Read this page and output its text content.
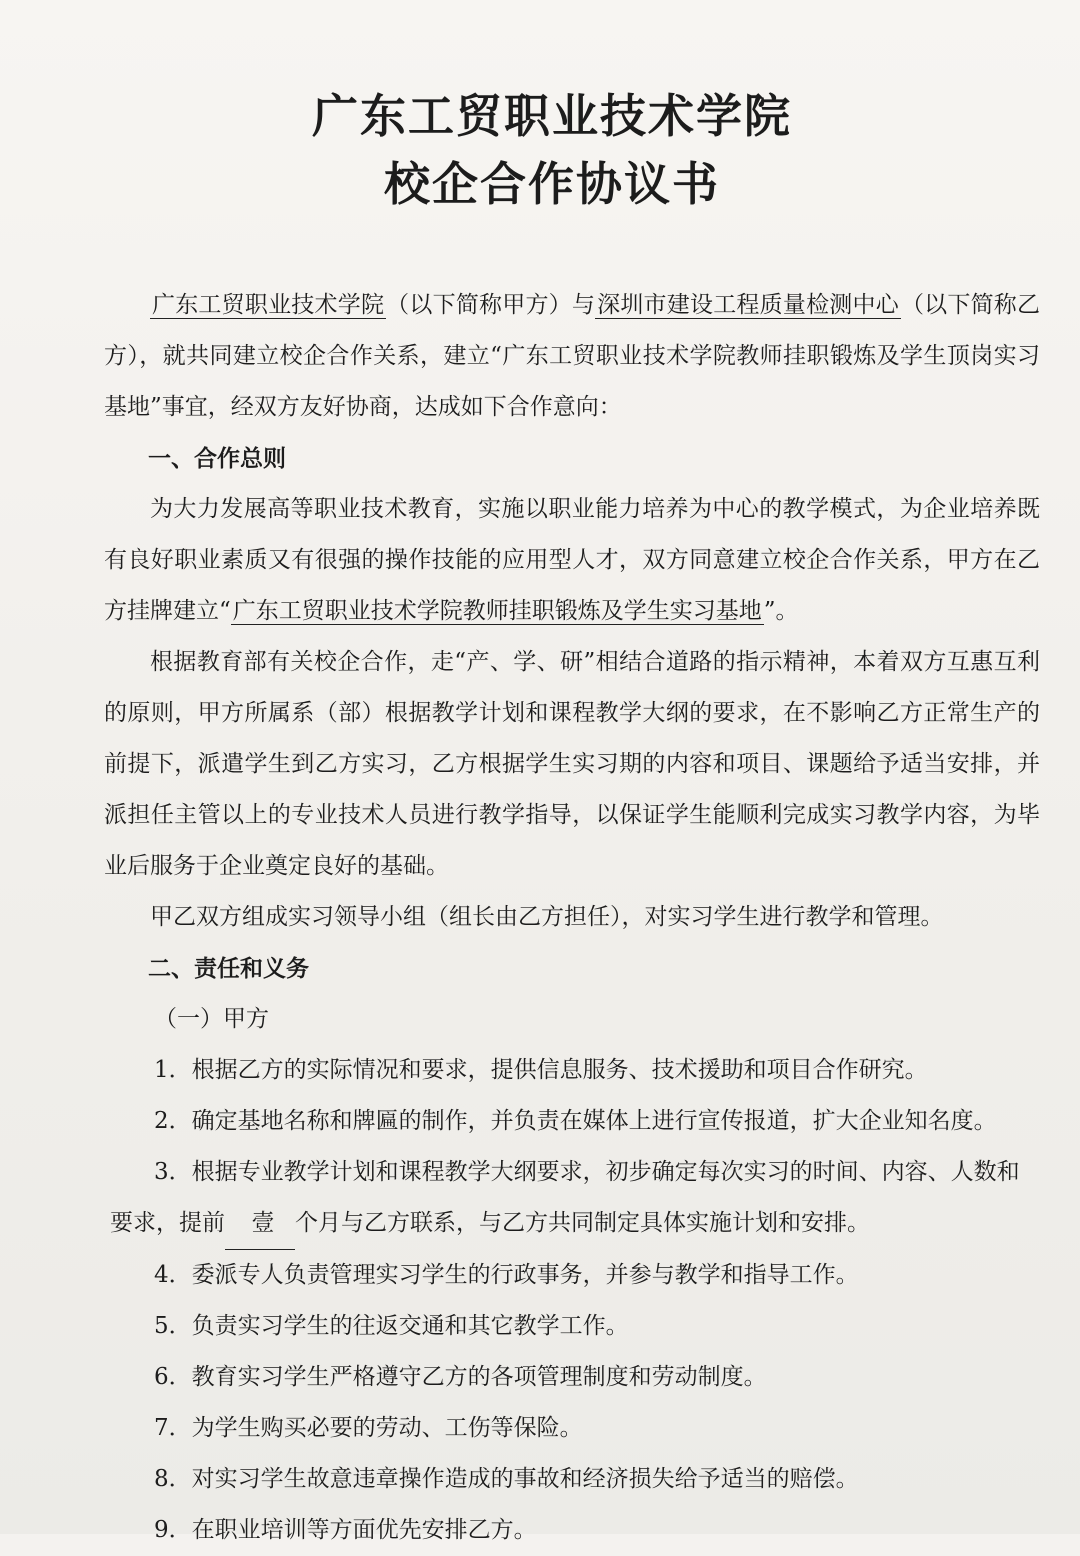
广东工贸职业技术学院
校企合作协议书

广东工贸职业技术学院（以下简称甲方）与深圳市建设工程质量检测中心（以下简称乙方），就共同建立校企合作关系，建立“广东工贸职业技术学院教师挂职锻炼及学生顶岗实习基地”事宜，经双方友好协商，达成如下合作意向：

一、合作总则

为大力发展高等职业技术教育，实施以职业能力培养为中心的教学模式，为企业培养既有良好职业素质又有很强的操作技能的应用型人才，双方同意建立校企合作关系，甲方在乙方挂牌建立“广东工贸职业技术学院教师挂职锻炼及学生实习基地”。

根据教育部有关校企合作，走“产、学、研”相结合道路的指示精神，本着双方互惠互利的原则，甲方所属系（部）根据教学计划和课程教学大纲的要求，在不影响乙方正常生产的前提下，派遣学生到乙方实习，乙方根据学生实习期的内容和项目、课题给予适当安排，并派担任主管以上的专业技术人员进行教学指导，以保证学生能顺利完成实习教学内容，为毕业后服务于企业奠定良好的基础。

甲乙双方组成实习领导小组（组长由乙方担任），对实习学生进行教学和管理。

二、责任和义务

（一）甲方

1．根据乙方的实际情况和要求，提供信息服务、技术援助和项目合作研究。

2．确定基地名称和牌匾的制作，并负责在媒体上进行宣传报道，扩大企业知名度。

3．根据专业教学计划和课程教学大纲要求，初步确定每次实习的时间、内容、人数和

要求，提前 壹 个月与乙方联系，与乙方共同制定具体实施计划和安排。

4．委派专人负责管理实习学生的行政事务，并参与教学和指导工作。

5．负责实习学生的往返交通和其它教学工作。

6．教育实习学生严格遵守乙方的各项管理制度和劳动制度。

7．为学生购买必要的劳动、工伤等保险。

8．对实习学生故意违章操作造成的事故和经济损失给予适当的赔偿。

9．在职业培训等方面优先安排乙方。
